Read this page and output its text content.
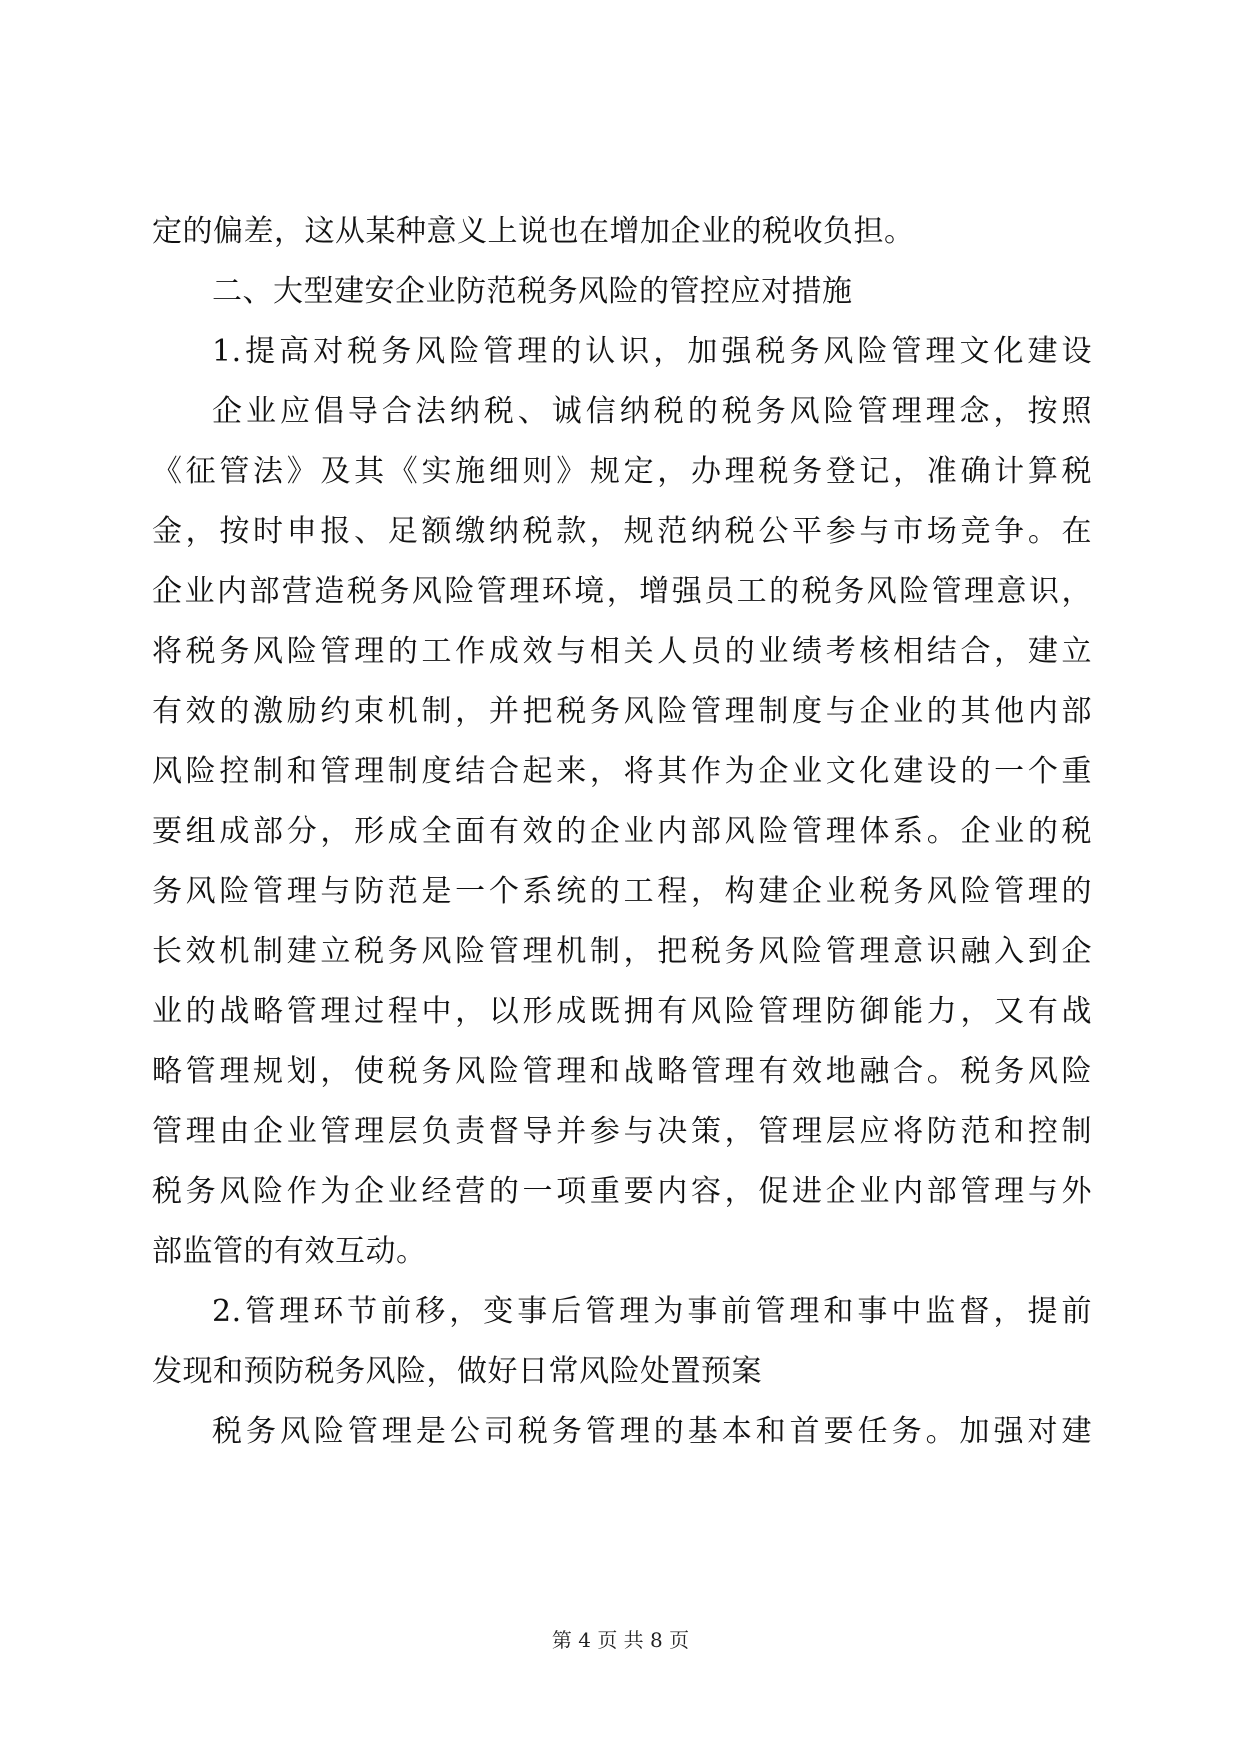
定的偏差，这从某种意义上说也在增加企业的税收负担。
二、大型建安企业防范税务风险的管控应对措施
1.提高对税务风险管理的认识，加强税务风险管理文化建设
企业应倡导合法纳税、诚信纳税的税务风险管理理念，按照
《征管法》及其《实施细则》规定，办理税务登记，准确计算税
金，按时申报、足额缴纳税款，规范纳税公平参与市场竞争。在
企业内部营造税务风险管理环境，增强员工的税务风险管理意识，
将税务风险管理的工作成效与相关人员的业绩考核相结合，建立
有效的激励约束机制，并把税务风险管理制度与企业的其他内部
风险控制和管理制度结合起来，将其作为企业文化建设的一个重
要组成部分，形成全面有效的企业内部风险管理体系。企业的税
务风险管理与防范是一个系统的工程，构建企业税务风险管理的
长效机制建立税务风险管理机制，把税务风险管理意识融入到企
业的战略管理过程中，以形成既拥有风险管理防御能力，又有战
略管理规划，使税务风险管理和战略管理有效地融合。税务风险
管理由企业管理层负责督导并参与决策，管理层应将防范和控制
税务风险作为企业经营的一项重要内容，促进企业内部管理与外
部监管的有效互动。
2.管理环节前移，变事后管理为事前管理和事中监督，提前
发现和预防税务风险，做好日常风险处置预案
税务风险管理是公司税务管理的基本和首要任务。加强对建
第 4 页 共 8 页
